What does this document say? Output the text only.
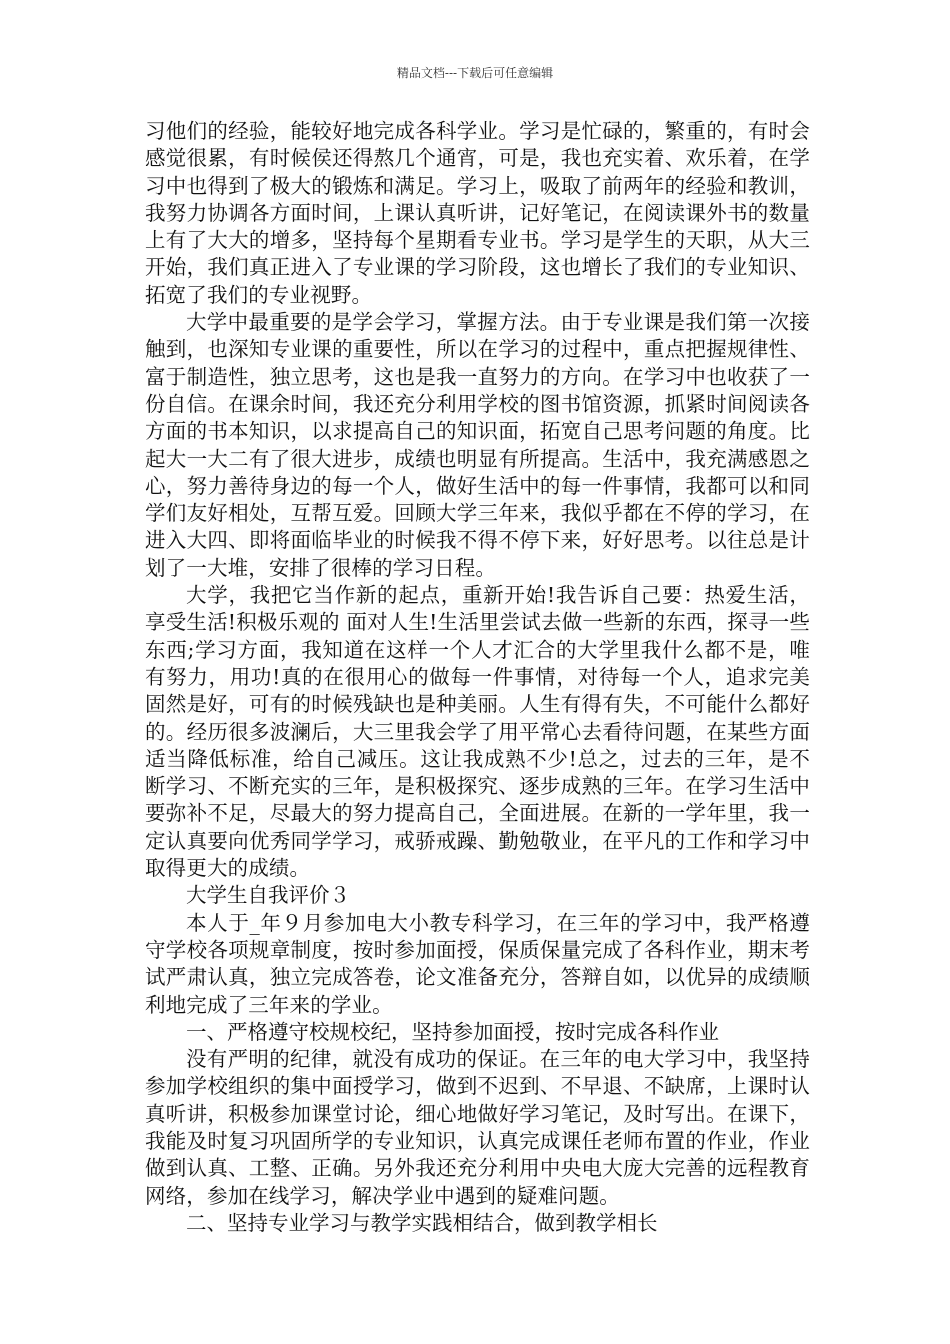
精品文档---下载后可任意编辑

习他们的经验，能较好地完成各科学业。学习是忙碌的，繁重的，有时会感觉很累，有时候侯还得熬几个通宵，可是，我也充实着、欢乐着，在学习中也得到了极大的锻炼和满足。学习上，吸取了前两年的经验和教训，我努力协调各方面时间，上课认真听讲，记好笔记，在阅读课外书的数量上有了大大的增多，坚持每个星期看专业书。学习是学生的天职，从大三开始，我们真正进入了专业课的学习阶段，这也增长了我们的专业知识、拓宽了我们的专业视野。

大学中最重要的是学会学习，掌握方法。由于专业课是我们第一次接触到，也深知专业课的重要性，所以在学习的过程中，重点把握规律性、富于制造性，独立思考，这也是我一直努力的方向。在学习中也收获了一份自信。在课余时间，我还充分利用学校的图书馆资源，抓紧时间阅读各方面的书本知识，以求提高自己的知识面，拓宽自己思考问题的角度。比起大一大二有了很大进步，成绩也明显有所提高。生活中，我充满感恩之心，努力善待身边的每一个人，做好生活中的每一件事情，我都可以和同学们友好相处，互帮互爱。回顾大学三年来，我似乎都在不停的学习，在进入大四、即将面临毕业的时候我不得不停下来，好好思考。以往总是计划了一大堆，安排了很棒的学习日程。

大学，我把它当作新的起点，重新开始!我告诉自己要：热爱生活，享受生活!积极乐观的 面对人生!生活里尝试去做一些新的东西，探寻一些东西;学习方面，我知道在这样一个人才汇合的大学里我什么都不是，唯有努力，用功!真的在很用心的做每一件事情，对待每一个人，追求完美固然是好，可有的时候残缺也是种美丽。人生有得有失，不可能什么都好的。经历很多波澜后，大三里我会学了用平常心去看待问题，在某些方面适当降低标准，给自己减压。这让我成熟不少!总之，过去的三年，是不断学习、不断充实的三年，是积极探究、逐步成熟的三年。在学习生活中要弥补不足，尽最大的努力提高自己，全面进展。在新的一学年里，我一定认真要向优秀同学学习，戒骄戒躁、勤勉敬业，在平凡的工作和学习中取得更大的成绩。

大学生自我评价３

本人于_年９月参加电大小教专科学习，在三年的学习中，我严格遵守学校各项规章制度，按时参加面授，保质保量完成了各科作业，期末考试严肃认真，独立完成答卷，论文准备充分，答辩自如，以优异的成绩顺利地完成了三年来的学业。

一、严格遵守校规校纪，坚持参加面授，按时完成各科作业

没有严明的纪律，就没有成功的保证。在三年的电大学习中，我坚持参加学校组织的集中面授学习，做到不迟到、不早退、不缺席，上课时认真听讲，积极参加课堂讨论，细心地做好学习笔记，及时写出。在课下，我能及时复习巩固所学的专业知识，认真完成课任老师布置的作业，作业做到认真、工整、正确。另外我还充分利用中央电大庞大完善的远程教育网络，参加在线学习，解决学业中遇到的疑难问题。

二、坚持专业学习与教学实践相结合，做到教学相长
